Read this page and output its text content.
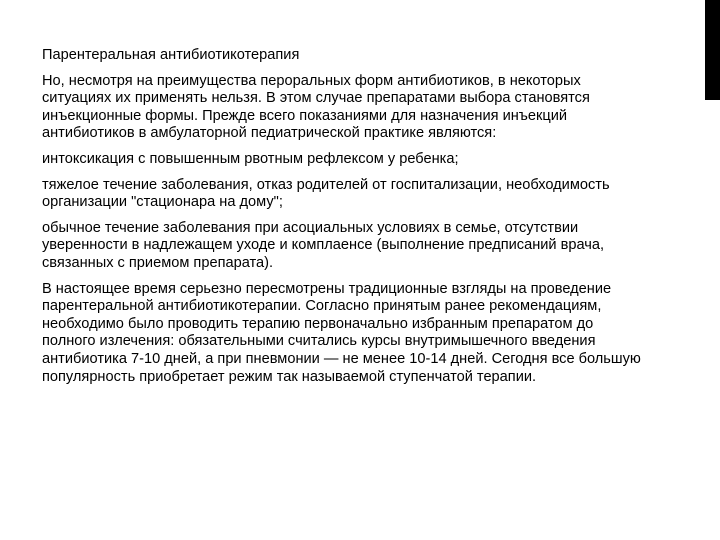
Парентеральная антибиотикотерапия

Но, несмотря на преимущества пероральных форм антибиотиков, в некоторых ситуациях их применять нельзя. В этом случае препаратами выбора становятся инъекционные формы. Прежде всего показаниями для назначения инъекций антибиотиков в амбулаторной педиатрической практике являются:

интоксикация с повышенным рвотным рефлексом у ребенка;

тяжелое течение заболевания, отказ родителей от госпитализации, необходимость организации "стационара на дому";

обычное течение заболевания при асоциальных условиях в семье, отсутствии уверенности в надлежащем уходе и комплаенсе (выполнение предписаний врача, связанных с приемом препарата).

В настоящее время серьезно пересмотрены традиционные взгляды на проведение парентеральной антибиотикотерапии. Согласно принятым ранее рекомендациям, необходимо было проводить терапию первоначально избранным препаратом до полного излечения: обязательными считались курсы внутримышечного введения антибиотика 7-10 дней, а при пневмонии — не менее 10-14 дней. Сегодня все большую популярность приобретает режим так называемой ступенчатой терапии.
